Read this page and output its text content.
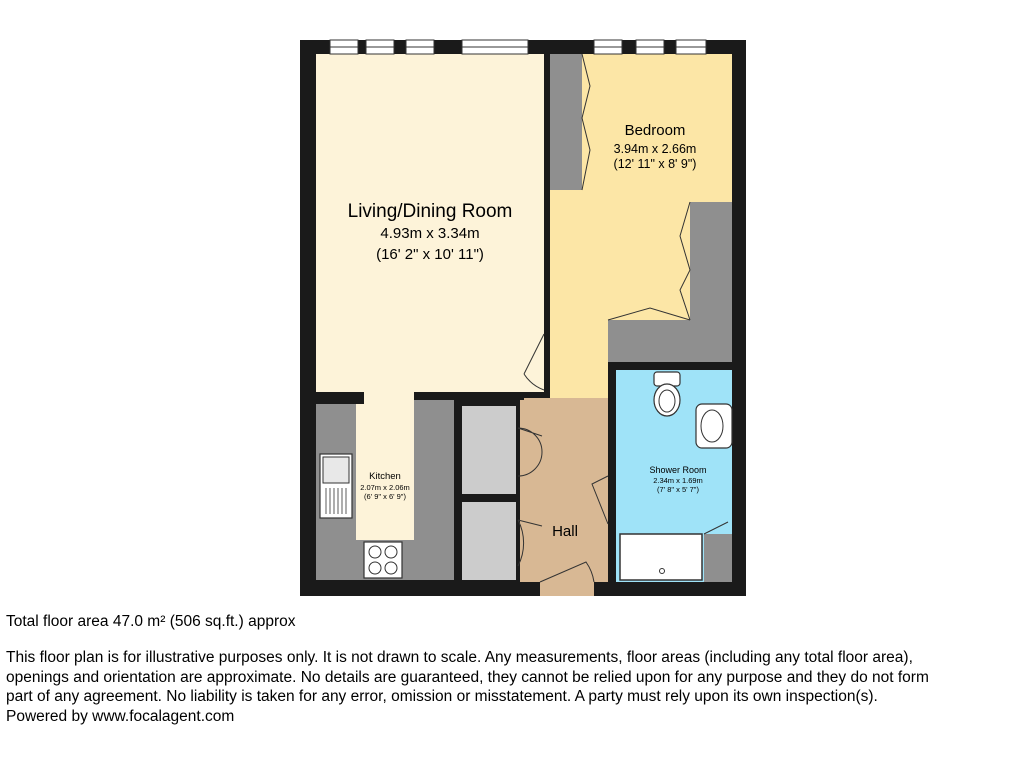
Living/Dining Room
4.93m x 3.34m
(16' 2" x 10' 11")
Bedroom
3.94m x 2.66m
(12' 11" x 8' 9")
Kitchen
2.07m x 2.06m
(6' 9" x 6' 9")
Shower Room
2.34m x 1.69m
(7' 8" x 5' 7")
Hall
Total floor area 47.0 m² (506 sq.ft.) approx
This floor plan is for illustrative purposes only. It is not drawn to scale. Any measurements, floor areas (including any total floor area),
openings and orientation are approximate. No details are guaranteed, they cannot be relied upon for any purpose and they do not form
part of any agreement. No liability is taken for any error, omission or misstatement. A party must rely upon its own inspection(s).
Powered by www.focalagent.com
